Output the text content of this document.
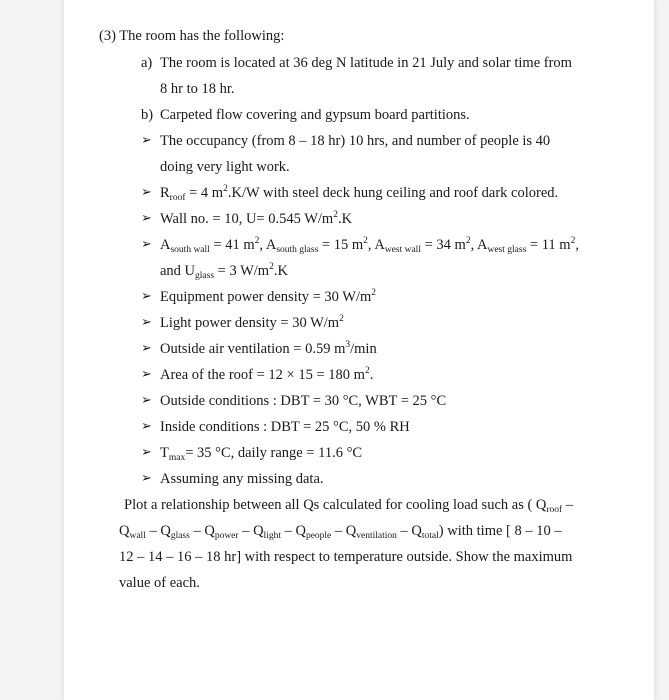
(3) The room has the following:
a) The room is located at 36 deg N latitude in 21 July and solar time from
8 hr to 18 hr.
b) Carpeted flow covering and gypsum board partitions.
➢ The occupancy (from 8 – 18 hr) 10 hrs, and number of people is 40
doing very light work.
➢ $R_{roof} = 4$ $m^2.K/W$ with steel deck hung ceiling and roof dark colored.
➢ Wall no. = 10, U= 0.545 $W/m^2.K$
➢ $A_{south wall} = 41$ $m^2$, $A_{south glass} = 15$ $m^2$, $A_{west wall} = 34$ $m^2$, $A_{west glass} = 11$ $m^2$,
and $U_{glass} = 3$ $W/m^2.K$
➢ Equipment power density = 30 $W/m^2$
➢ Light power density = 30 $W/m^2$
➢ Outside air ventilation = 0.59 $m^3/\min$
➢ Area of the roof = 12 × 15 = 180 $m^2$.
➢ Outside conditions : DBT = 30 °C, WBT = 25 °C
➢ Inside conditions : DBT = 25 °C, 50 % RH
➢ $T_{max}= 35$ °C, daily range = 11.6 °C
➢ Assuming any missing data.
Plot a relationship between all Qs calculated for cooling load such as ( $Q_{roof}$ –
$Q_{wall} - Q_{glass} - Q_{power} - Q_{light} - Q_{people} - Q_{ventilation} - Q_{total}$) with time [ 8 – 10 –
12 – 14 – 16 – 18 hr] with respect to temperature outside. Show the maximum
value of each.
